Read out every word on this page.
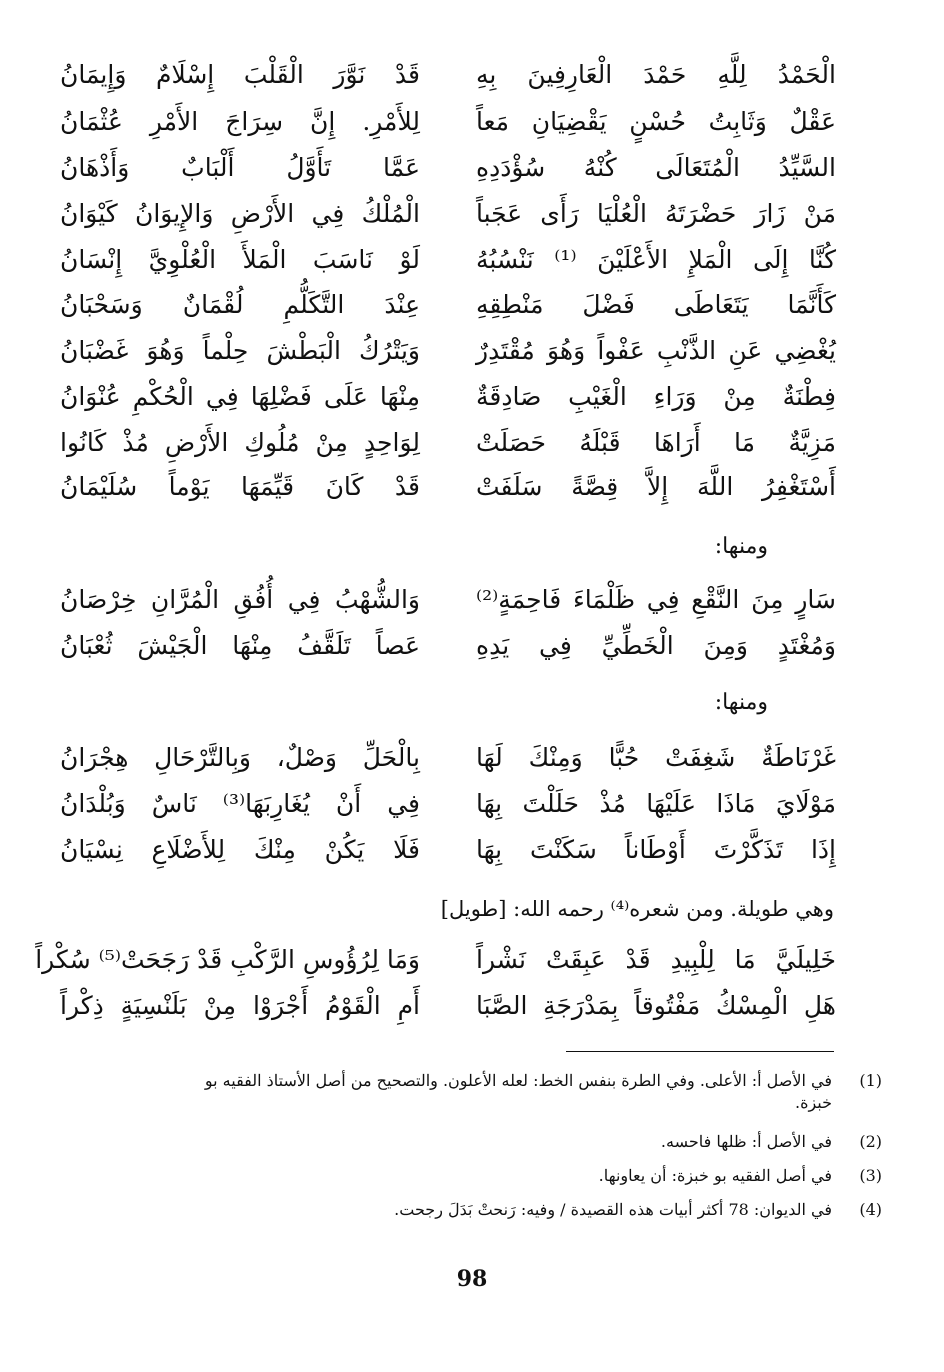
الْحَمْدُ لِلَّهِ حَمْدَ الْعَارِفِينَ بِهِ
قَدْ نَوَّرَ الْقَلْبَ إِسْلَامٌ وَإِيمَانُ
عَقْلٌ وَثَابِتُ حُسْنٍ يَقْضِيَانِ مَعاً
لِلأَمْرِ. إِنَّ سِرَاجَ الأَمْرِ عُثْمَانُ
السَّيِّدُ الْمُتَعَالَى كُنْهُ سُؤْدَدِهِ
عَمَّا تَأَوَّلُ أَلْبَابٌ وَأَذْهَانُ
مَنْ زَارَ حَضْرَتَهُ الْعُلْيَا رَأَى عَجَباً
الْمُلْكُ فِي الأَرْضِ وَالإِيوَانُ كَيْوَانُ
كُنَّا إِلَى الْمَلإِ الأَعْلَيْنَ ⁽¹⁾ نَنْسُبُهُ
لَوْ نَاسَبَ الْمَلأَ الْعُلْوِيَّ إِنْسَانُ
كَأَنَّمَا يَتَعَاطَى فَضْلَ مَنْطِقِهِ
عِنْدَ التَّكَلُّمِ لُقْمَانٌ وَسَحْبَانُ
يُغْضِي عَنِ الذَّنْبِ عَفْواً وَهُوَ مُقْتَدِرٌ
وَيَتْرُكُ الْبَطْشَ حِلْماً وَهُوَ غَضْبَانُ
فِطْنَةٌ مِنْ وَرَاءِ الْغَيْبِ صَادِقَةٌ
مِنْهَا عَلَى فَضْلِهَا فِي الْحُكْمِ عُنْوَانُ
مَزِيَّةٌ مَا أَرَاهَا قَبْلَهُ حَصَلَتْ
لِوَاحِدٍ مِنْ مُلُوكِ الأَرْضِ مُذْ كَانُوا
أَسْتَغْفِرُ اللَّهَ إِلاَّ قِصَّةً سَلَفَتْ
قَدْ كَانَ قَيِّمَهَا يَوْماً سُلَيْمَانُ
ومنها:
سَارٍ مِنَ النَّقْعِ فِي ظَلْمَاءَ فَاحِمَةٍ⁽²⁾
وَالشُّهْبُ فِي أُفُقِ الْمُرَّانِ خِرْصَانُ
وَمُغْتَدٍ وَمِنَ الْخَطِّيِّ فِي يَدِهِ
عَصاً تَلَقَّفُ مِنْهَا الْجَيْشَ ثُعْبَانُ
ومنها:
غَرْنَاطَةٌ شَغِفَتْ حُبًّا وَمِنْكَ لَهَا
بِالْحَلِّ وَصْلٌ، وَبِالتَّرْحَالِ هِجْرَانُ
مَوْلَايَ مَاذَا عَلَيْهَا مُذْ حَلَلْتَ بِهَا
فِي أَنْ يُغَارِبَهَا⁽³⁾ نَاسٌ وَبُلْدَانُ
إِذَا تَذَكَّرْتَ أَوْطَاناً سَكَنْتَ بِهَا
فَلَا يَكُنْ مِنْكَ لِلأَضْلَاعِ نِسْيَانُ
وهي طويلة. ومن شعره⁽⁴⁾ رحمه الله: [طويل]
خَلِيلَيَّ مَا لِلْبِيدِ قَدْ عَبِقَتْ نَشْراً
وَمَا لِرُؤُوسِ الرَّكْبِ قَدْ رَجَحَتْ⁽⁵⁾ سُكْراً
هَلِ الْمِسْكُ مَفْتُوقاً بِمَدْرَجَةِ الصَّبَا
أَمِ الْقَوْمُ أَجْرَوْا مِنْ بَلَنْسِيَةٍ ذِكْراً
(1)
في الأصل أ: الأعلى. وفي الطرة بنفس الخط: لعله الأعلون. والتصحيح من أصل الأستاذ الفقيه بو
خبزة.
(2)
في الأصل أ: ظلها فاحسه.
(3)
في أصل الفقيه بو خبزة: أن يعاونها.
(4)
في الديوان: 78 أكثر أبيات هذه القصيدة / وفيه: رَنحتْ بَدَلَ رجحت.
98
